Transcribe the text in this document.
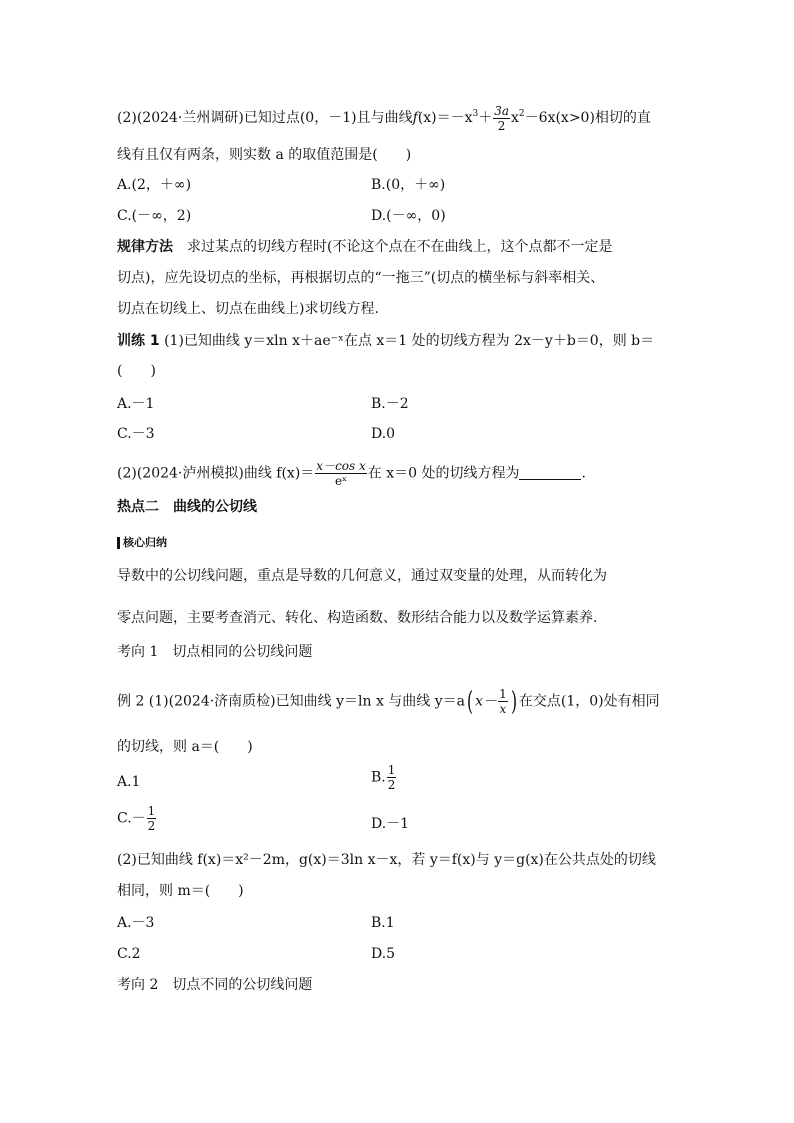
(2)(2024·兰州调研)已知过点(0，－1)且与曲线$f(x)=-x^3+ \frac{3a}{2} x^2-6x(x>0)$相切的直
线有且仅有两条，则实数 a 的取值范围是(　　)
A.(2，＋∞)	B.(0，＋∞)
C.(－∞，2)	D.(－∞，0)
规律方法　 求过某点的切线方程时(不论这个点在不在曲线上，这个点都不一定是
切点)，应先设切点的坐标，再根据切点的“一拖三”(切点的横坐标与斜率相关、
切点在切线上、切点在曲线上)求切线方程.
训练 1 (1)已知曲线 y＝xln x＋ae⁻ˣ在点 x＝1 处的切线方程为 2x－y＋b＝0，则 b＝
(　　)
A.－1	B.－2
C.－3	D.0
(2)(2024·泸州模拟)曲线 $f(x)= \frac{\text{x－cos x}}{\text{eˣ}}$ 在 x＝0 处的切线方程为	.
热点二　 曲线的公切线
核心归纳
导数中的公切线问题，重点是导数的几何意义，通过双变量的处理，从而转化为
零点问题，主要考查消元、转化、构造函数、数形结合能力以及数学运算素养.
考向 1　切点相同的公切线问题
例 2 (1)(2024·济南质检)已知曲线 y＝ln x 与曲线 y＝a( $x- \frac{1}{x}$ ) 在交点(1，0)处有相同
的切线，则 a＝(　　)
A.1	B. $\frac{1}{2}$
$C.- \frac{1}{2}$	D.－1
(2)已知曲线 f(x)＝x²－2m，g(x)＝3ln x－x，若 y＝f(x)与 y＝g(x)在公共点处的切线
相同，则 m＝(　　)
A.－3	B.1
C.2	D.5
考向 2　切点不同的公切线问题
